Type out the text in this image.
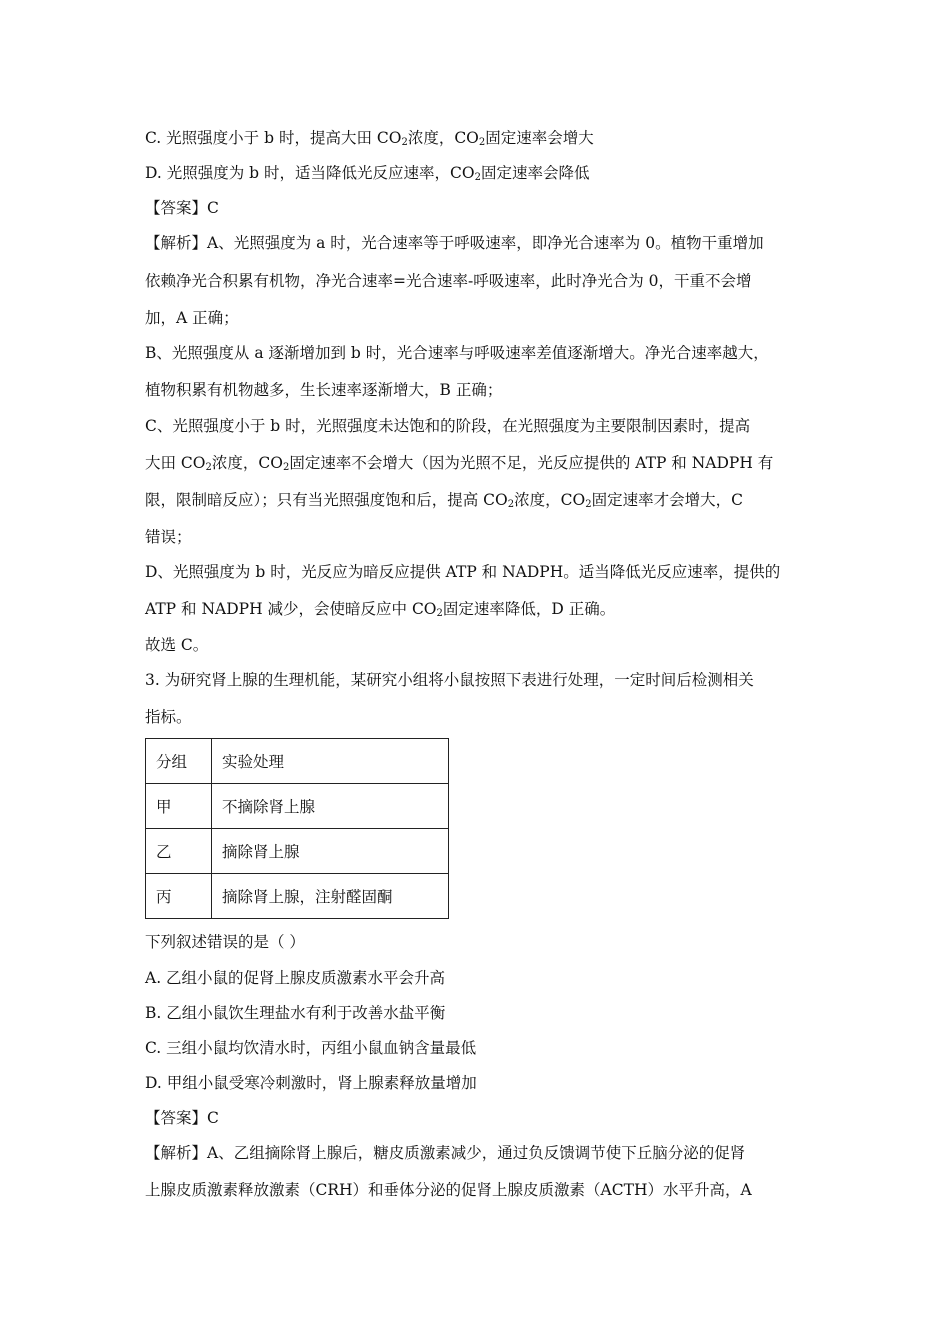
C. 光照强度小于 b 时，提高大田 $CO_2$浓度，$CO_2$固定速率会增大
D. 光照强度为 b 时，适当降低光反应速率，$CO_2$固定速率会降低
【答案】C
【解析】A、光照强度为 a 时，光合速率等于呼吸速率，即净光合速率为 0。植物干重增加
依赖净光合积累有机物，净光合速率=光合速率-呼吸速率，此时净光合为 0，干重不会增
加，A 正确；
B、光照强度从 a 逐渐增加到 b 时，光合速率与呼吸速率差值逐渐增大。净光合速率越大，
植物积累有机物越多，生长速率逐渐增大，B 正确；
C、光照强度小于 b 时，光照强度未达饱和的阶段，在光照强度为主要限制因素时，提高
大田 $CO_2$浓度，$CO_2$固定速率不会增大（因为光照不足，光反应提供的 ATP 和 NADPH 有
限，限制暗反应）；只有当光照强度饱和后，提高 $CO_2$浓度，$CO_2$固定速率才会增大，C
错误；
D、光照强度为 b 时，光反应为暗反应提供 ATP 和 NADPH。适当降低光反应速率，提供的
ATP 和 NADPH 减少，会使暗反应中 $CO_2$固定速率降低，D 正确。
故选 C。
3. 为研究肾上腺的生理机能，某研究小组将小鼠按照下表进行处理，一定时间后检测相关
指标。
分组	实验处理
甲	不摘除肾上腺
乙	摘除肾上腺
丙	摘除肾上腺，注射醛固酮
下列叙述错误的是（ ）
A. 乙组小鼠的促肾上腺皮质激素水平会升高
B. 乙组小鼠饮生理盐水有利于改善水盐平衡
C. 三组小鼠均饮清水时，丙组小鼠血钠含量最低
D. 甲组小鼠受寒冷刺激时，肾上腺素释放量增加
【答案】C
【解析】A、乙组摘除肾上腺后，糖皮质激素减少，通过负反馈调节使下丘脑分泌的促肾
上腺皮质激素释放激素（CRH）和垂体分泌的促肾上腺皮质激素（ACTH）水平升高，A
